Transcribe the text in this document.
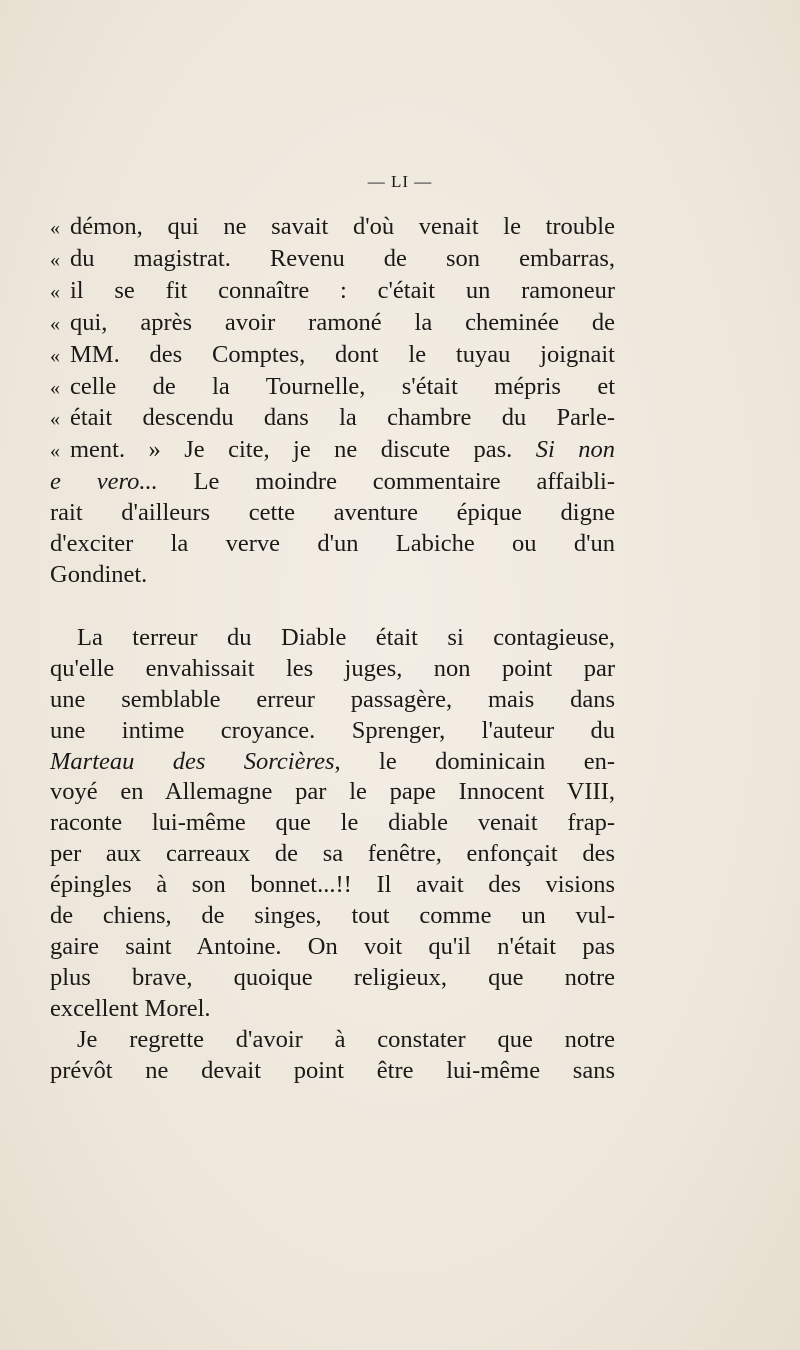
— LI —
« démon, qui ne savait d'où venait le trouble
« du magistrat. Revenu de son embarras,
« il se fit connaître : c'était un ramoneur
« qui, après avoir ramoné la cheminée de
« MM. des Comptes, dont le tuyau joignait
« celle de la Tournelle, s'était mépris et
« était descendu dans la chambre du Parle-
« ment. » Je cite, je ne discute pas. Si non
e vero... Le moindre commentaire affaibli-
rait d'ailleurs cette aventure épique digne
d'exciter la verve d'un Labiche ou d'un
Gondinet.
La terreur du Diable était si contagieuse,
qu'elle envahissait les juges, non point par
une semblable erreur passagère, mais dans
une intime croyance. Sprenger, l'auteur du
Marteau des Sorcières, le dominicain en-
voyé en Allemagne par le pape Innocent VIII,
raconte lui-même que le diable venait frap-
per aux carreaux de sa fenêtre, enfonçait des
épingles à son bonnet...!! Il avait des visions
de chiens, de singes, tout comme un vul-
gaire saint Antoine. On voit qu'il n'était pas
plus brave, quoique religieux, que notre
excellent Morel.
Je regrette d'avoir à constater que notre
prévôt ne devait point être lui-même sans
